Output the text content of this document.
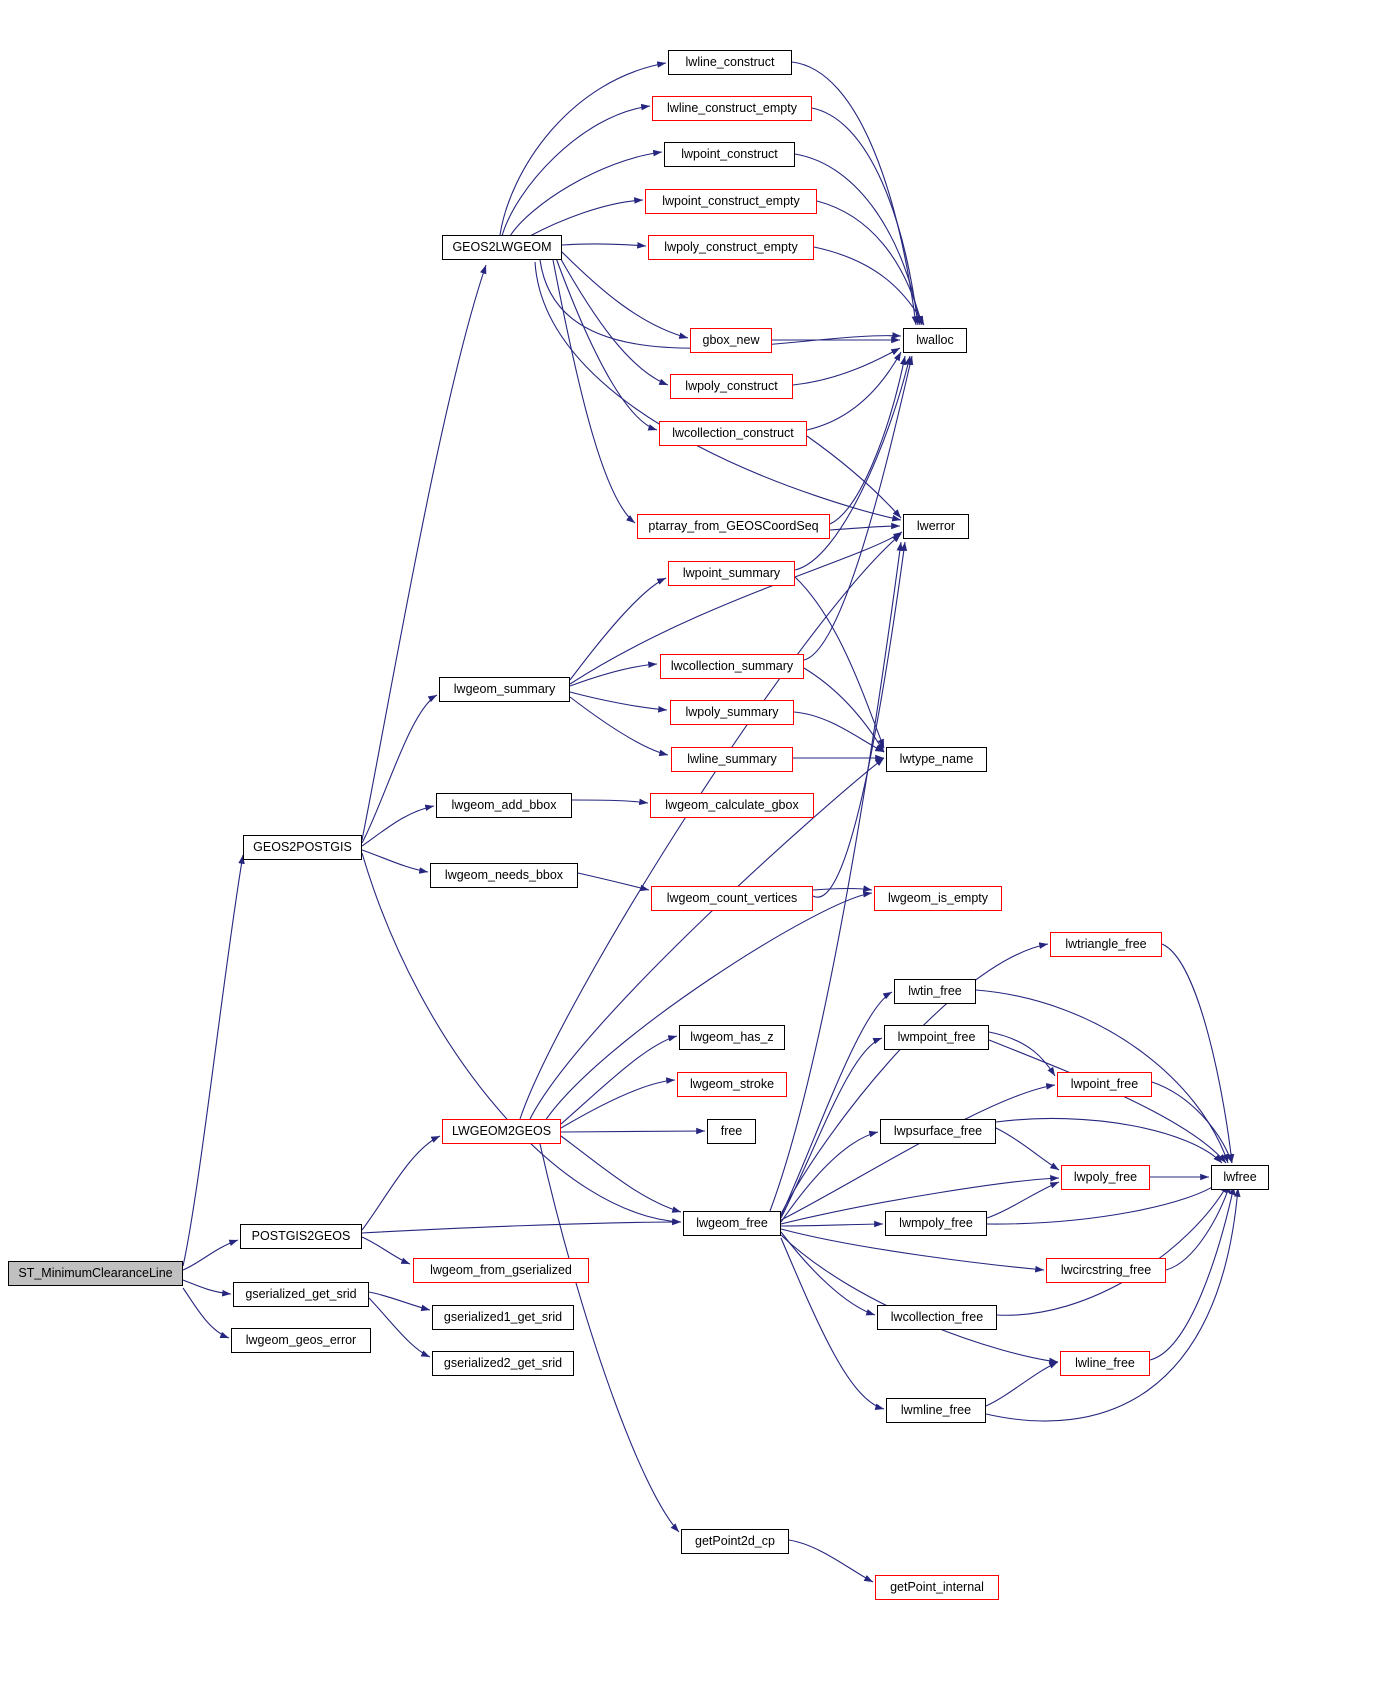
ST_MinimumClearanceLine
POSTGIS2GEOS
gserialized_get_srid
lwgeom_geos_error
GEOS2POSTGIS
GEOS2LWGEOM
lwline_construct
lwline_construct_empty
lwpoint_construct
lwpoint_construct_empty
lwpoly_construct_empty
gbox_new
lwpoly_construct
lwcollection_construct
ptarray_from_GEOSCoordSeq
lwalloc
lwerror
lwpoint_summary
lwgeom_summary
lwcollection_summary
lwpoly_summary
lwline_summary	lwtype_name
lwgeom_add_bbox	lwgeom_calculate_gbox
lwgeom_needs_bbox
lwgeom_count_vertices	lwgeom_is_empty
lwtriangle_free
lwtin_free
lwmpoint_free
lwpoint_free
lwgeom_has_z
lwgeom_stroke
LWGEOM2GEOS	free	lwpsurface_free
lwpoly_free	lwfree
lwgeom_free	lwmpoly_free
lwcircstring_free
lwgeom_from_gserialized
gserialized1_get_srid
gserialized2_get_srid
lwcollection_free
lwline_free
lwmline_free
getPoint_internal
getPoint2d_cp
